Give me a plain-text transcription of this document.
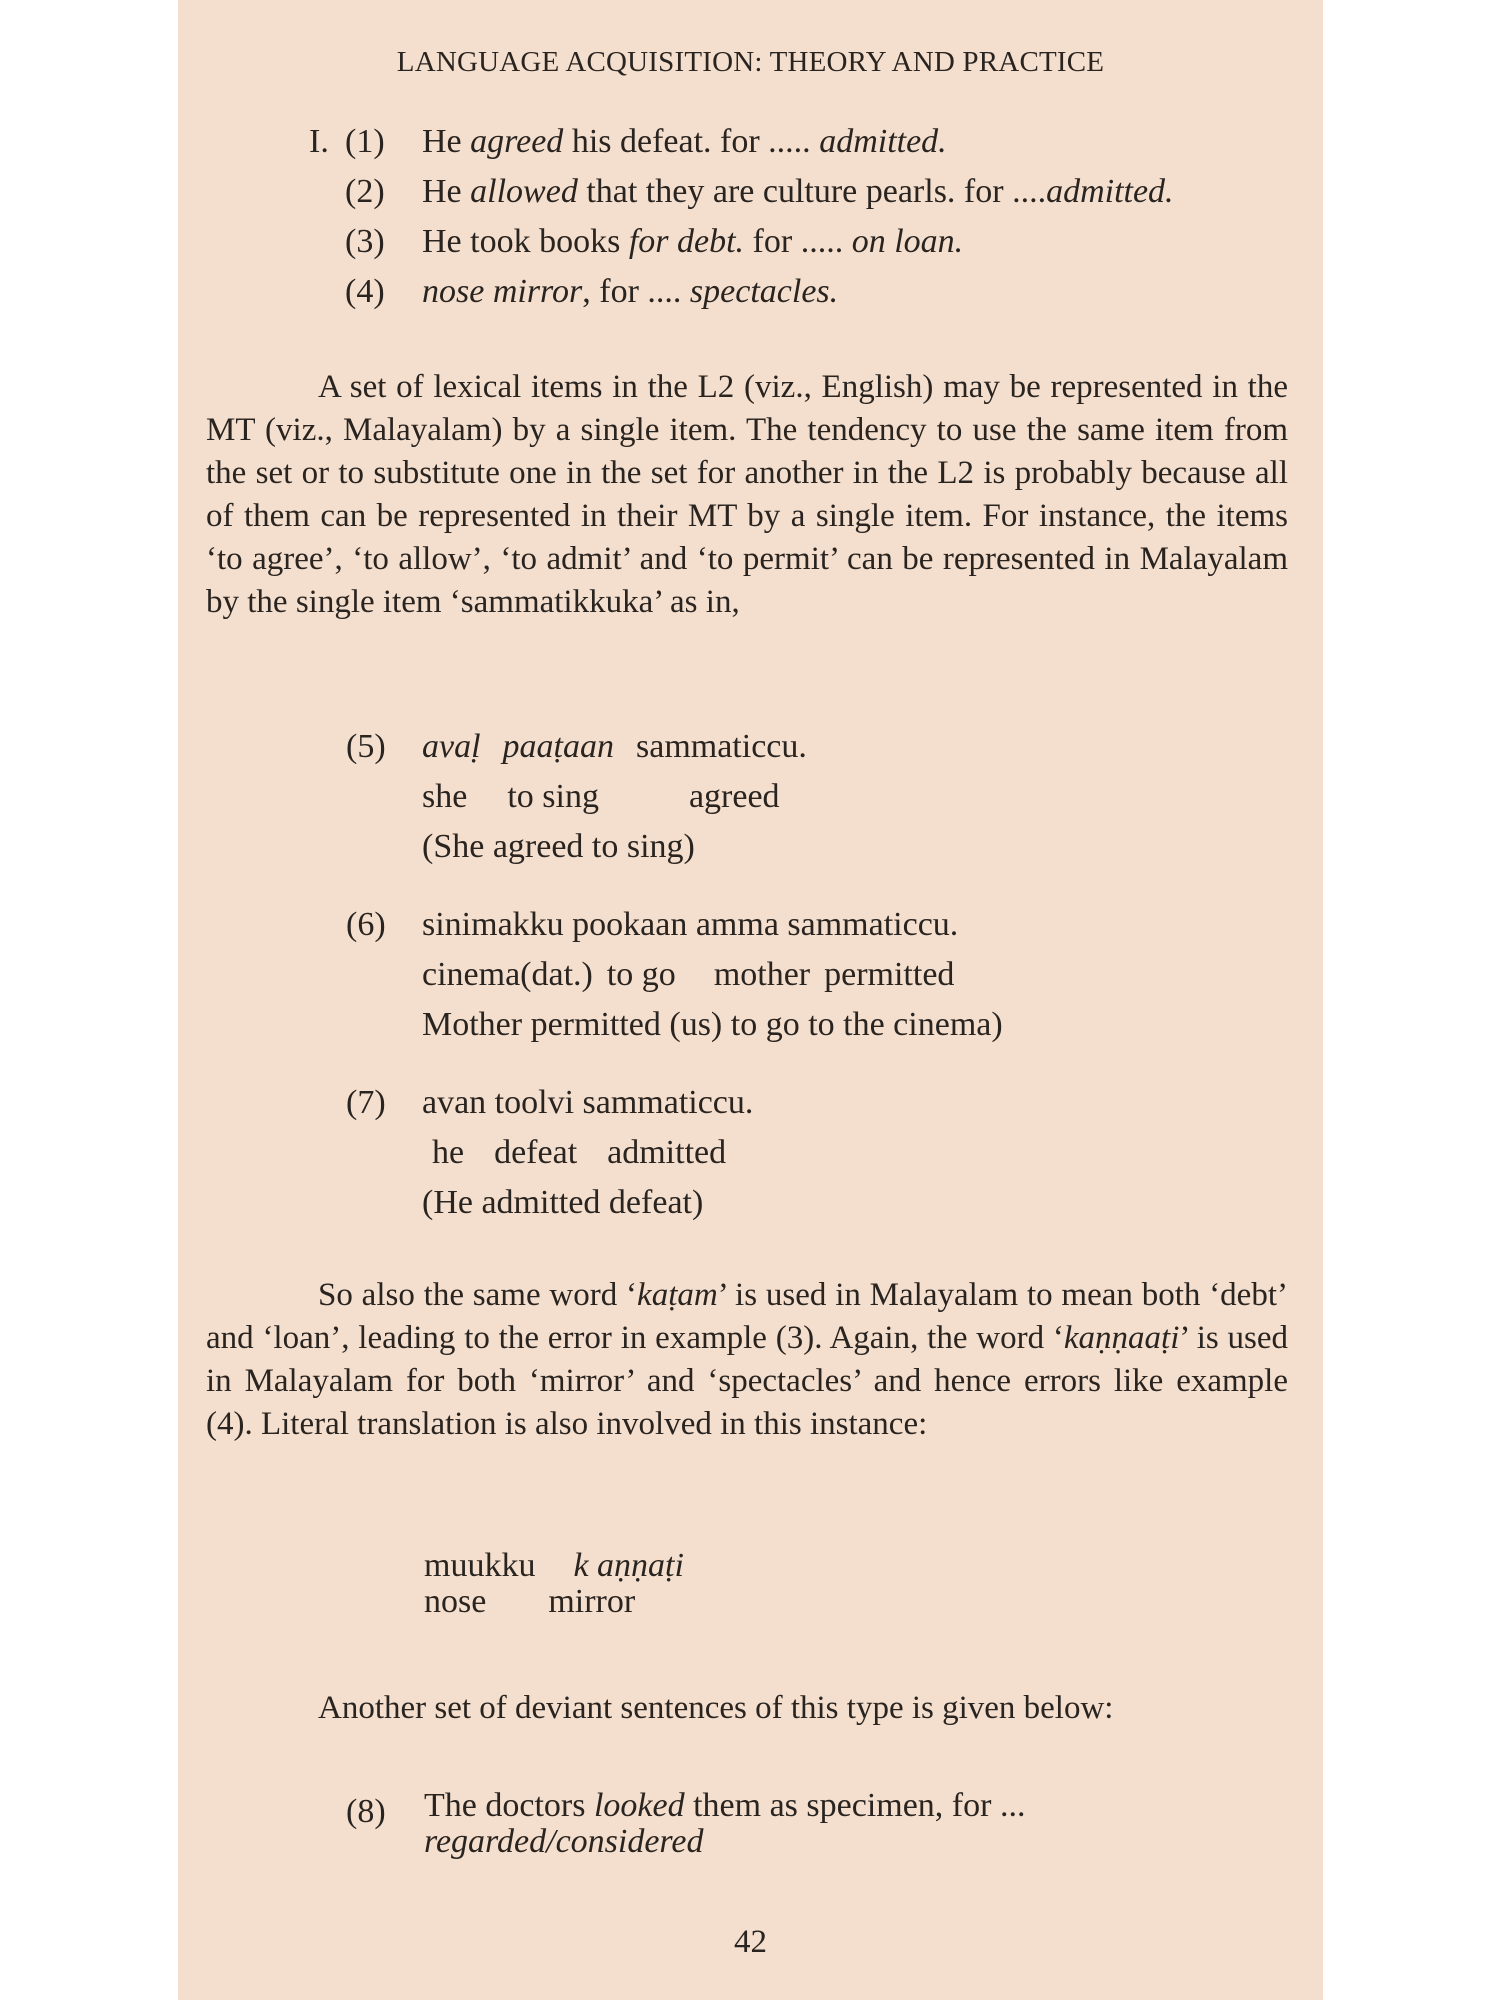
LANGUAGE ACQUISITION: THEORY AND PRACTICE
I. (1) He agreed his defeat. for ..... admitted.
(2) He allowed that they are culture pearls. for ....admitted.
(3) He took books for debt. for ..... on loan.
(4) nose mirror, for .... spectacles.
A set of lexical items in the L2 (viz., English) may be represented in the MT (viz., Malayalam) by a single item. The tendency to use the same item from the set or to substitute one in the set for another in the L2 is probably because all of them can be represented in their MT by a single item. For instance, the items ‘to agree’, ‘to allow’, ‘to admit’ and ‘to permit’ can be represented in Malayalam by the single item ‘sammatikkuka’ as in,
(5) avaḷ paaṭaan sammaticcu.
she to sing	agreed
(She agreed to sing)
(6) sinimakku pookaan amma sammaticcu.
cinema(dat.) to go mother permitted
Mother permitted (us) to go to the cinema)
(7) avan toolvi sammaticcu.
he defeat admitted
(He admitted defeat)
So also the same word ‘kaṭam’ is used in Malayalam to mean both ‘debt’ and ‘loan’, leading to the error in example (3). Again, the word ‘kaṇṇaaṭi’ is used in Malayalam for both ‘mirror’ and ‘spectacles’ and hence errors like example (4). Literal translation is also involved in this instance:
muukku k aṇṇaṭi
nose mirror
Another set of deviant sentences of this type is given below:
(8) The doctors looked them as specimen, for ...
regarded/considered
42
